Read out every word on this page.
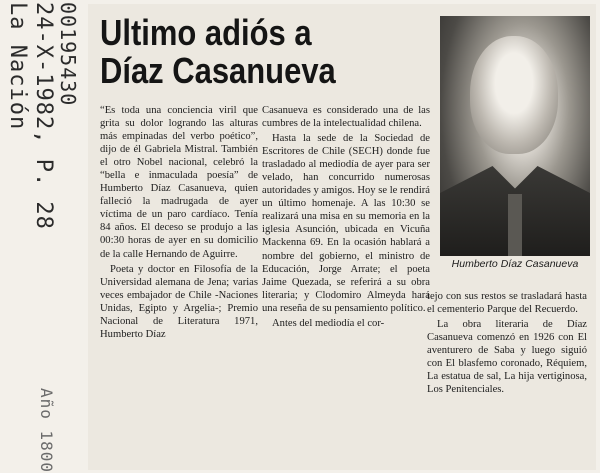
La Nación 24-X-1982, P. 28 00195430
Año 1800
Ultimo adiós a Díaz Casanueva
Humberto Díaz Casanueva

“Es toda una conciencia viril que grita su dolor logrando las alturas más empinadas del verbo poético”, dijo de él Gabriela Mistral. También el otro Nobel nacional, celebró la “bella e inmaculada poesía” de Humberto Díaz Casanueva, quien falleció la madrugada de ayer víctima de un paro cardíaco. Tenía 84 años. El deceso se produjo a las 00:30 horas de ayer en su domicilio de la calle Hernando de Aguirre.

Poeta y doctor en Filosofía de la Universidad alemana de Jena; varias veces embajador de Chile -Naciones Unidas, Egipto y Argelia-; Premio Nacional de Literatura 1971, Humberto Díaz

Casanueva es considerado una de las cumbres de la intelectualidad chilena.

Hasta la sede de la Sociedad de Escritores de Chile (SECH) donde fue trasladado al mediodía de ayer para ser velado, han concurrido numerosas autoridades y amigos. Hoy se le rendirá un último homenaje. A las 10:30 se realizará una misa en su memoria en la iglesia Asunción, ubicada en Vicuña Mackenna 69. En la ocasión hablará a nombre del gobierno, el ministro de Educación, Jorge Arrate; el poeta Jaime Quezada, se referirá a su obra literaria; y Clodomiro Almeyda hará una reseña de su pensamiento político.

Antes del mediodía el cor-

tejo con sus restos se trasladará hasta el cementerio Parque del Recuerdo.

La obra literaria de Díaz Casanueva comenzó en 1926 con El aventurero de Saba y luego siguió con El blasfemo coronado, Réquiem, La estatua de sal, La hija vertiginosa, Los Penitenciales.
